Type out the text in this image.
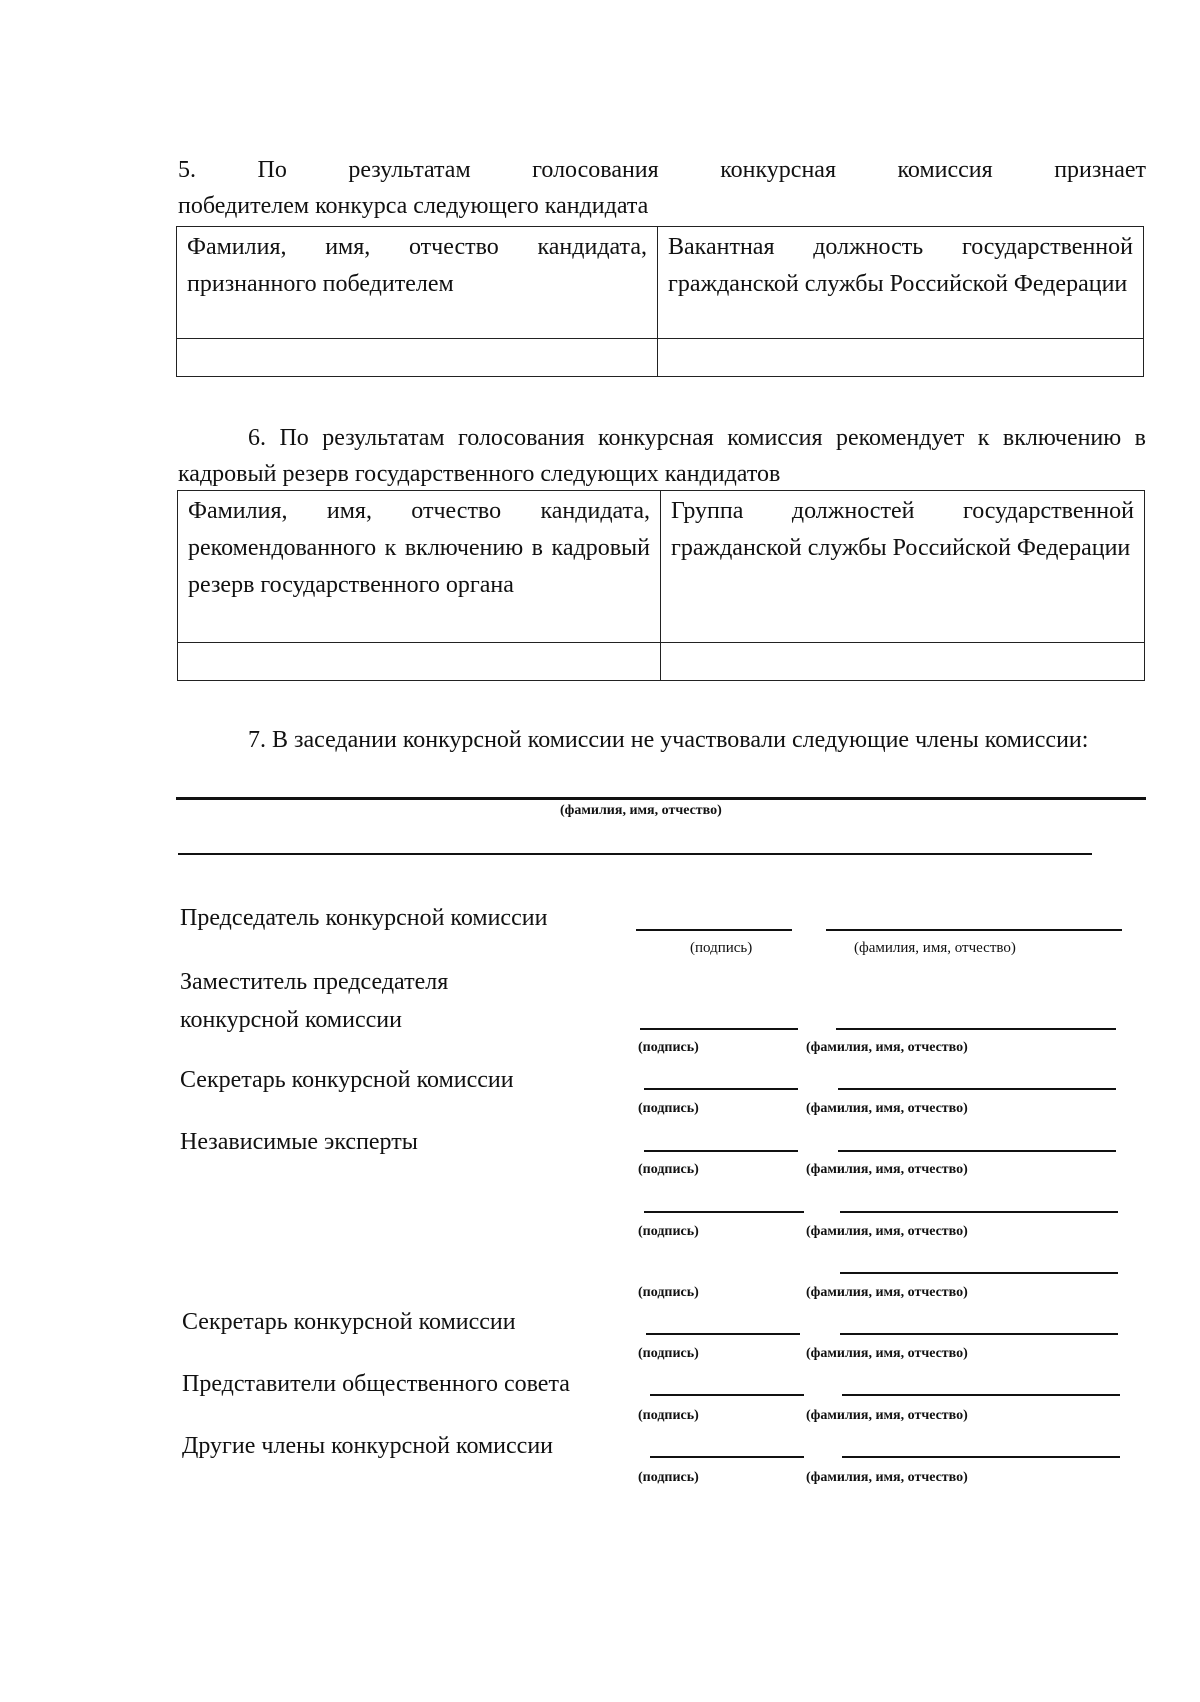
5. По результатам голосования конкурсная комиссия признает

победителем конкурса следующего кандидата

Фамилия, имя, отчество кандидата, признанного победителем	Вакантная должность государственной гражданской службы Российской Федерации

6. По результатам голосования конкурсная комиссия рекомендует к включению в кадровый резерв государственного следующих кандидатов

Фамилия, имя, отчество кандидата, рекомендованного к включению в кадровый резерв государственного органа	Группа должностей государственной гражданской службы Российской Федерации

7. В заседании конкурсной комиссии не участвовали следующие члены комиссии:

(фамилия, имя, отчество)
Председатель конкурсной комиссии
(подпись)	(фамилия, имя, отчество)
Заместитель председателя
конкурсной комиссии
(подпись)	(фамилия, имя, отчество)
Секретарь конкурсной комиссии
(подпись)	(фамилия, имя, отчество)
Независимые эксперты
(подпись)	(фамилия, имя, отчество)
(подпись)	(фамилия, имя, отчество)
(подпись)	(фамилия, имя, отчество)
Секретарь конкурсной комиссии
(подпись)	(фамилия, имя, отчество)
Представители общественного совета
(подпись)	(фамилия, имя, отчество)
Другие члены конкурсной комиссии
(подпись)	(фамилия, имя, отчество)
